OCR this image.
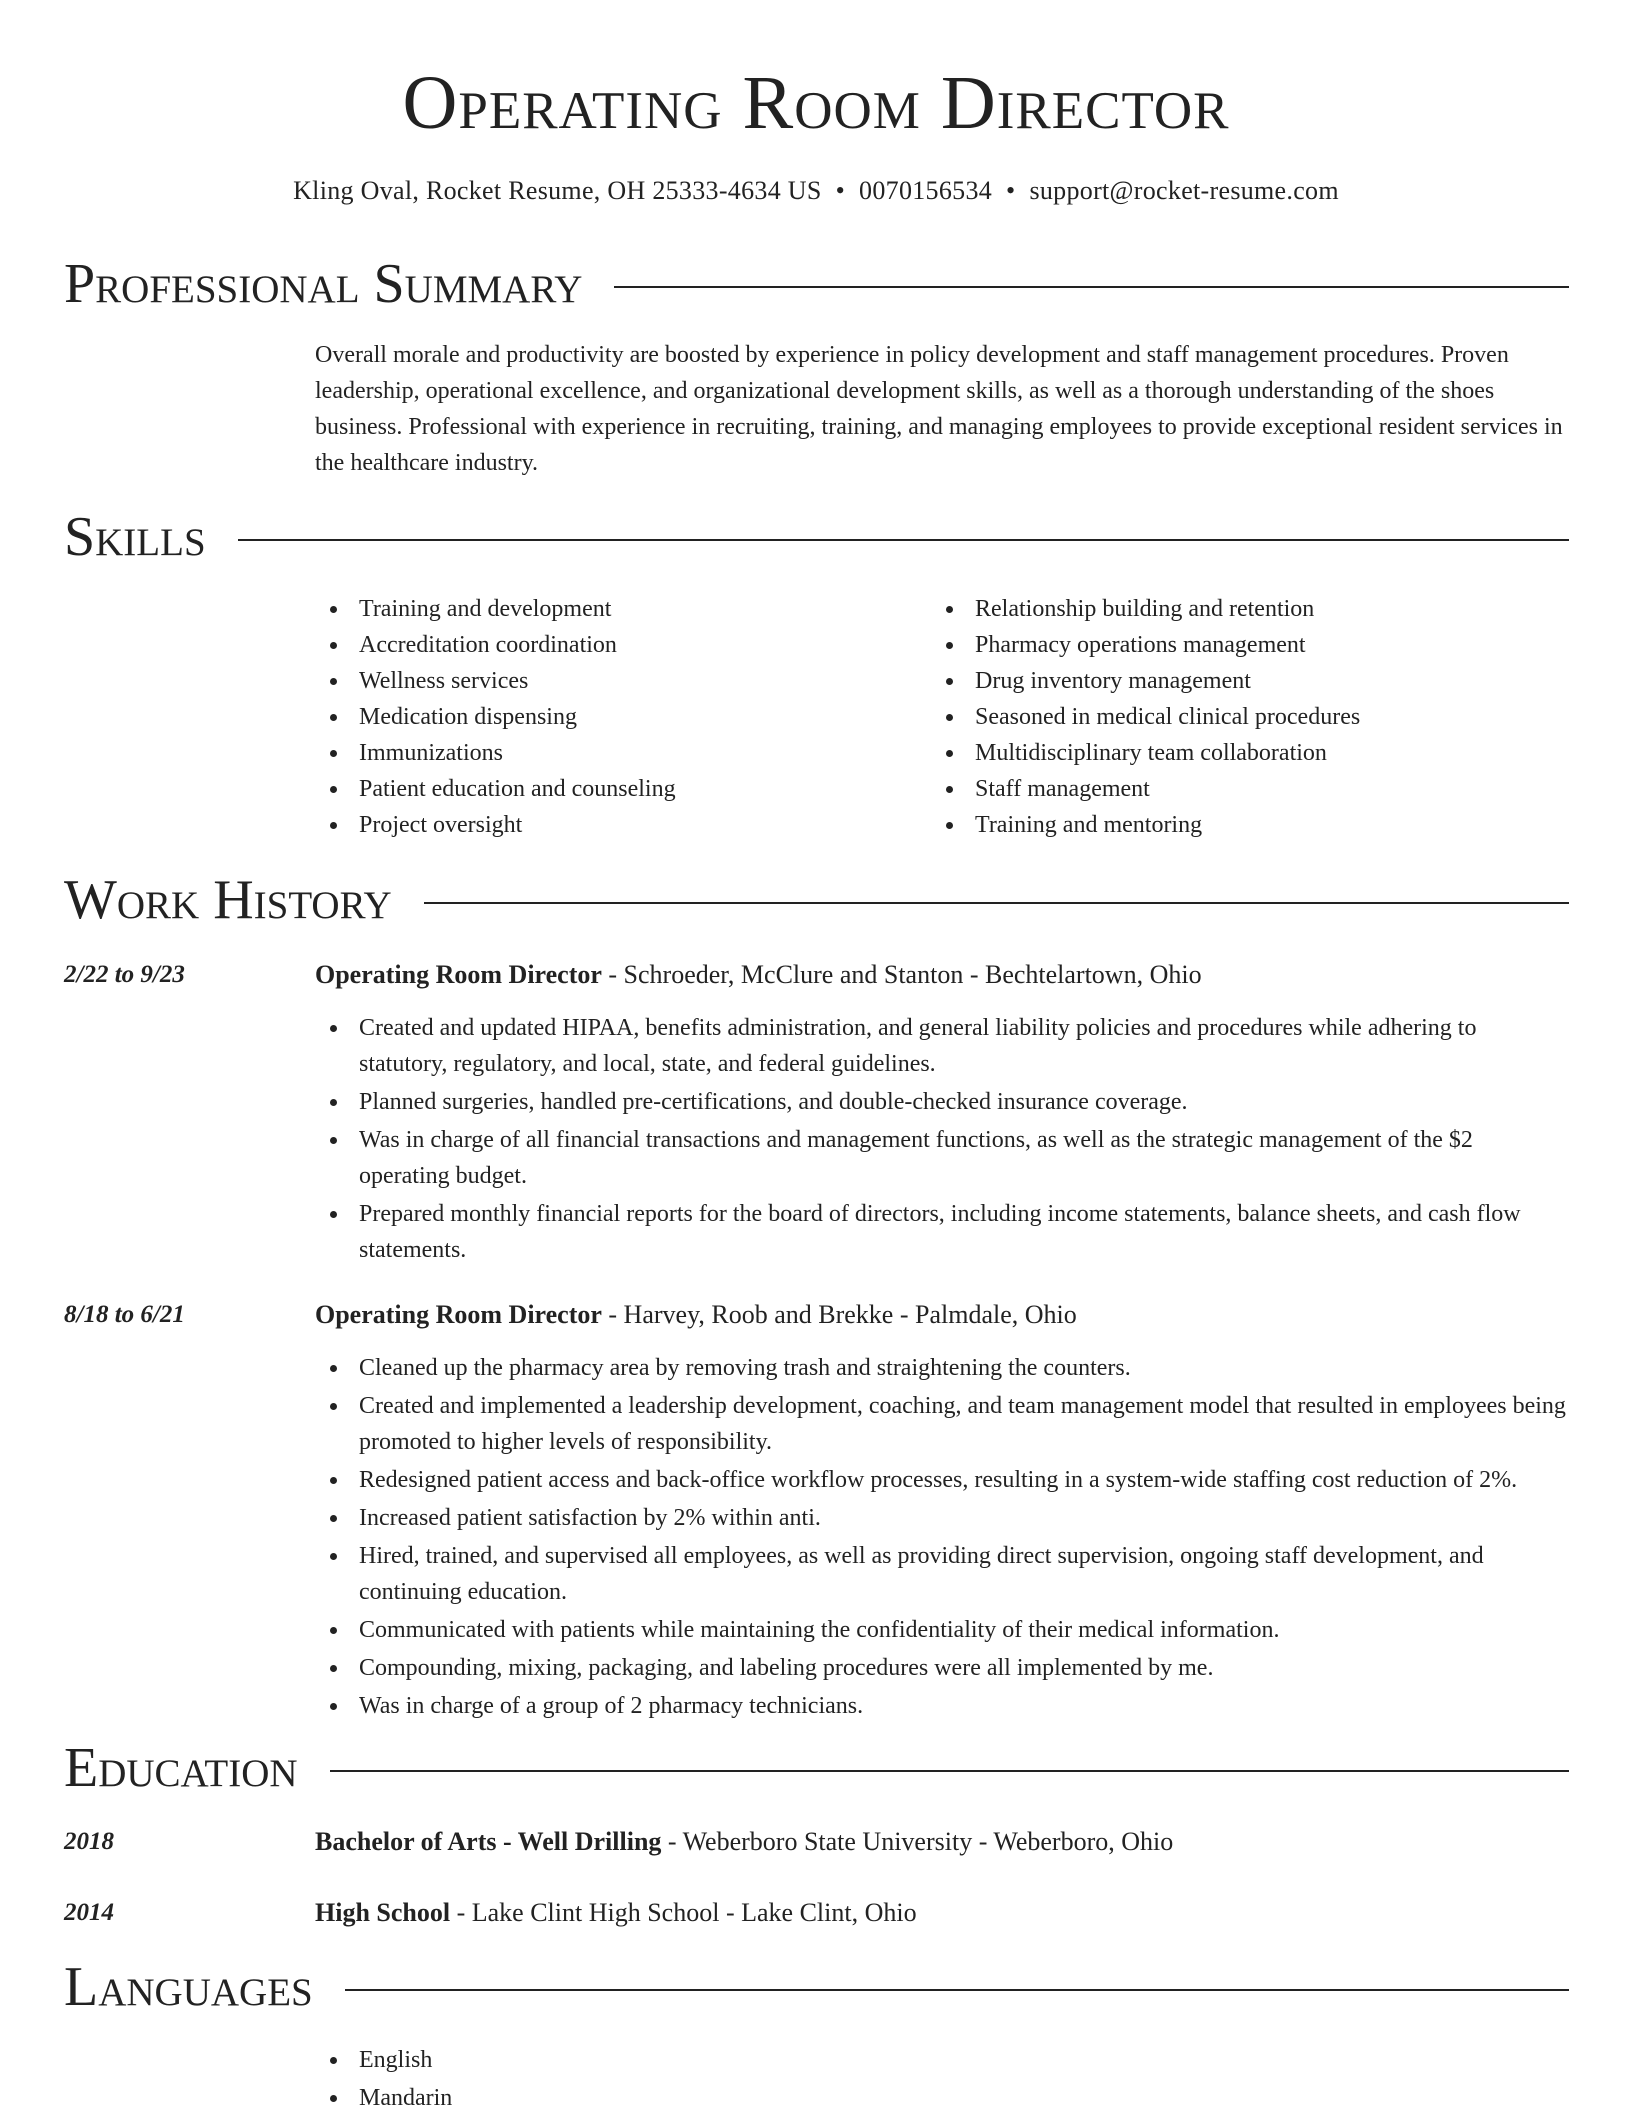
Operating Room Director
Kling Oval, Rocket Resume, OH 25333-4634 US • 0070156534 • support@rocket-resume.com
Professional Summary
Overall morale and productivity are boosted by experience in policy development and staff management procedures. Proven leadership, operational excellence, and organizational development skills, as well as a thorough understanding of the shoes business. Professional with experience in recruiting, training, and managing employees to provide exceptional resident services in the healthcare industry.
Skills
Training and development
Accreditation coordination
Wellness services
Medication dispensing
Immunizations
Patient education and counseling
Project oversight
Relationship building and retention
Pharmacy operations management
Drug inventory management
Seasoned in medical clinical procedures
Multidisciplinary team collaboration
Staff management
Training and mentoring
Work History
2/22 to 9/23	Operating Room Director - Schroeder, McClure and Stanton - Bechtelartown, Ohio
Created and updated HIPAA, benefits administration, and general liability policies and procedures while adhering to statutory, regulatory, and local, state, and federal guidelines.
Planned surgeries, handled pre-certifications, and double-checked insurance coverage.
Was in charge of all financial transactions and management functions, as well as the strategic management of the $2 operating budget.
Prepared monthly financial reports for the board of directors, including income statements, balance sheets, and cash flow statements.
8/18 to 6/21	Operating Room Director - Harvey, Roob and Brekke - Palmdale, Ohio
Cleaned up the pharmacy area by removing trash and straightening the counters.
Created and implemented a leadership development, coaching, and team management model that resulted in employees being promoted to higher levels of responsibility.
Redesigned patient access and back-office workflow processes, resulting in a system-wide staffing cost reduction of 2%.
Increased patient satisfaction by 2% within anti.
Hired, trained, and supervised all employees, as well as providing direct supervision, ongoing staff development, and continuing education.
Communicated with patients while maintaining the confidentiality of their medical information.
Compounding, mixing, packaging, and labeling procedures were all implemented by me.
Was in charge of a group of 2 pharmacy technicians.
Education
2018	Bachelor of Arts - Well Drilling - Weberboro State University - Weberboro, Ohio
2014	High School - Lake Clint High School - Lake Clint, Ohio
Languages
English
Mandarin
